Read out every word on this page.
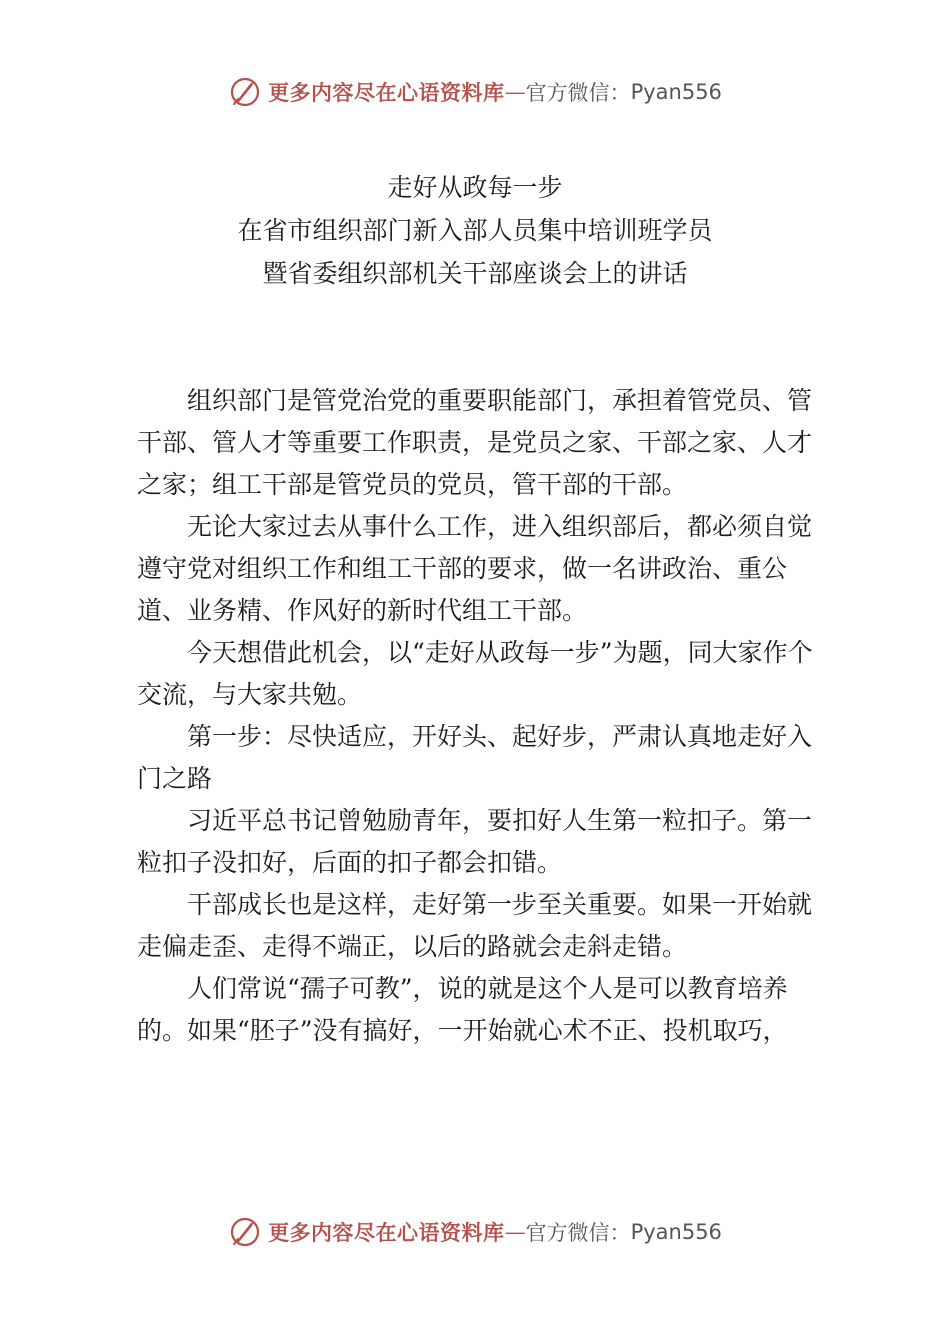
更多内容尽在心语资料库 — 官方微信： Pyan556
走好从政每一步
在省市组织部门新入部人员集中培训班学员
暨省委组织部机关干部座谈会上的讲话

组织部门是管党治党的重要职能部门，承担着管党员、管干部、管人才等重要工作职责，是党员之家、干部之家、人才之家；组工干部是管党员的党员，管干部的干部。

无论大家过去从事什么工作，进入组织部后，都必须自觉遵守党对组织工作和组工干部的要求，做一名讲政治、重公道、业务精、作风好的新时代组工干部。

今天想借此机会，以“走好从政每一步”为题，同大家作个交流，与大家共勉。

第一步：尽快适应，开好头、起好步，严肃认真地走好入门之路

习近平总书记曾勉励青年，要扣好人生第一粒扣子。第一粒扣子没扣好，后面的扣子都会扣错。

干部成长也是这样，走好第一步至关重要。如果一开始就走偏走歪、走得不端正，以后的路就会走斜走错。

人们常说“孺子可教”，说的就是这个人是可以教育培养的。如果“胚子”没有搞好，一开始就心术不正、投机取巧，

更多内容尽在心语资料库 — 官方微信： Pyan556
